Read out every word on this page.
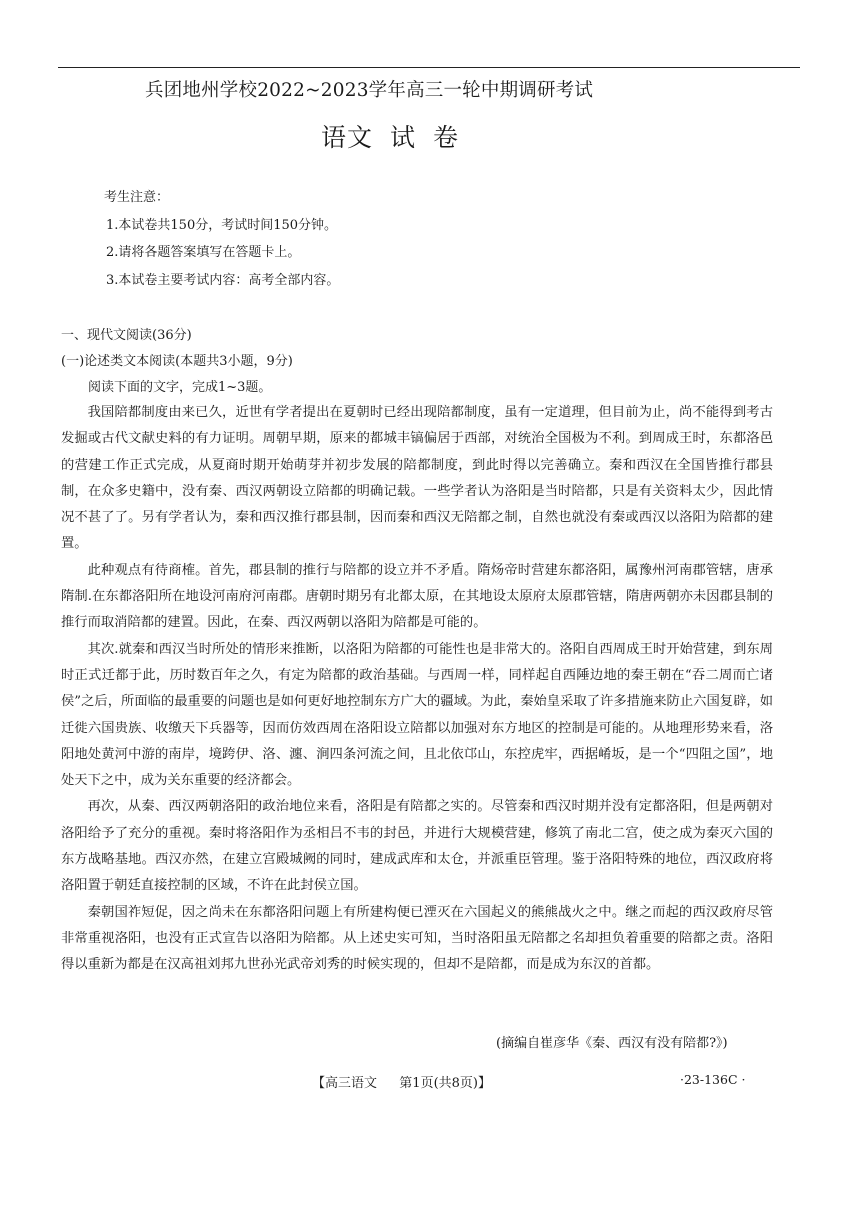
兵团地州学校2022~2023学年高三一轮中期调研考试
语文 试 卷
考生注意：
1.本试卷共150分，考试时间150分钟。
2.请将各题答案填写在答题卡上。
3.本试卷主要考试内容：高考全部内容。
一、现代文阅读(36分)
(一)论述类文本阅读(本题共3小题，9分)
阅读下面的文字，完成1~3题。

我国陪都制度由来已久，近世有学者提出在夏朝时已经出现陪都制度，虽有一定道理，但目前为止，尚不能得到考古发掘或古代文献史料的有力证明。周朝早期，原来的都城丰镐偏居于西部，对统治全国极为不利。到周成王时，东都洛邑的营建工作正式完成，从夏商时期开始萌芽并初步发展的陪都制度，到此时得以完善确立。秦和西汉在全国皆推行郡县制，在众多史籍中，没有秦、西汉两朝设立陪都的明确记载。一些学者认为洛阳是当时陪都，只是有关资料太少，因此情况不甚了了。另有学者认为，秦和西汉推行郡县制，因而秦和西汉无陪都之制，自然也就没有秦或西汉以洛阳为陪都的建置。

此种观点有待商榷。首先，郡县制的推行与陪都的设立并不矛盾。隋炀帝时营建东都洛阳，属豫州河南郡管辖，唐承隋制.在东都洛阳所在地设河南府河南郡。唐朝时期另有北都太原，在其地设太原府太原郡管辖，隋唐两朝亦未因郡县制的推行而取消陪都的建置。因此，在秦、西汉两朝以洛阳为陪都是可能的。

其次.就秦和西汉当时所处的情形来推断，以洛阳为陪都的可能性也是非常大的。洛阳自西周成王时开始营建，到东周时正式迁都于此，历时数百年之久，有定为陪都的政治基础。与西周一样，同样起自西陲边地的秦王朝在“吞二周而亡诸侯”之后，所面临的最重要的问题也是如何更好地控制东方广大的疆域。为此，秦始皇采取了许多措施来防止六国复辟，如迁徙六国贵族、收缴天下兵器等，因而仿效西周在洛阳设立陪都以加强对东方地区的控制是可能的。从地理形势来看，洛阳地处黄河中游的南岸，境跨伊、洛、瀍、涧四条河流之间，且北依邙山，东控虎牢，西据崤坂，是一个“四阻之国”，地处天下之中，成为关东重要的经济都会。

再次，从秦、西汉两朝洛阳的政治地位来看，洛阳是有陪都之实的。尽管秦和西汉时期并没有定都洛阳，但是两朝对洛阳给予了充分的重视。秦时将洛阳作为丞相吕不韦的封邑，并进行大规模营建，修筑了南北二宫，使之成为秦灭六国的东方战略基地。西汉亦然，在建立宫殿城阙的同时，建成武库和太仓，并派重臣管理。鉴于洛阳特殊的地位，西汉政府将洛阳置于朝廷直接控制的区域，不许在此封侯立国。

秦朝国祚短促，因之尚未在东都洛阳问题上有所建构便已湮灭在六国起义的熊熊战火之中。继之而起的西汉政府尽管非常重视洛阳，也没有正式宣告以洛阳为陪都。从上述史实可知，当时洛阳虽无陪都之名却担负着重要的陪都之责。洛阳得以重新为都是在汉高祖刘邦九世孙光武帝刘秀的时候实现的，但却不是陪都，而是成为东汉的首都。

(摘编自崔彦华《秦、西汉有没有陪都?》)
【高三语文 第1页(共8页)】	·23-136C ·
